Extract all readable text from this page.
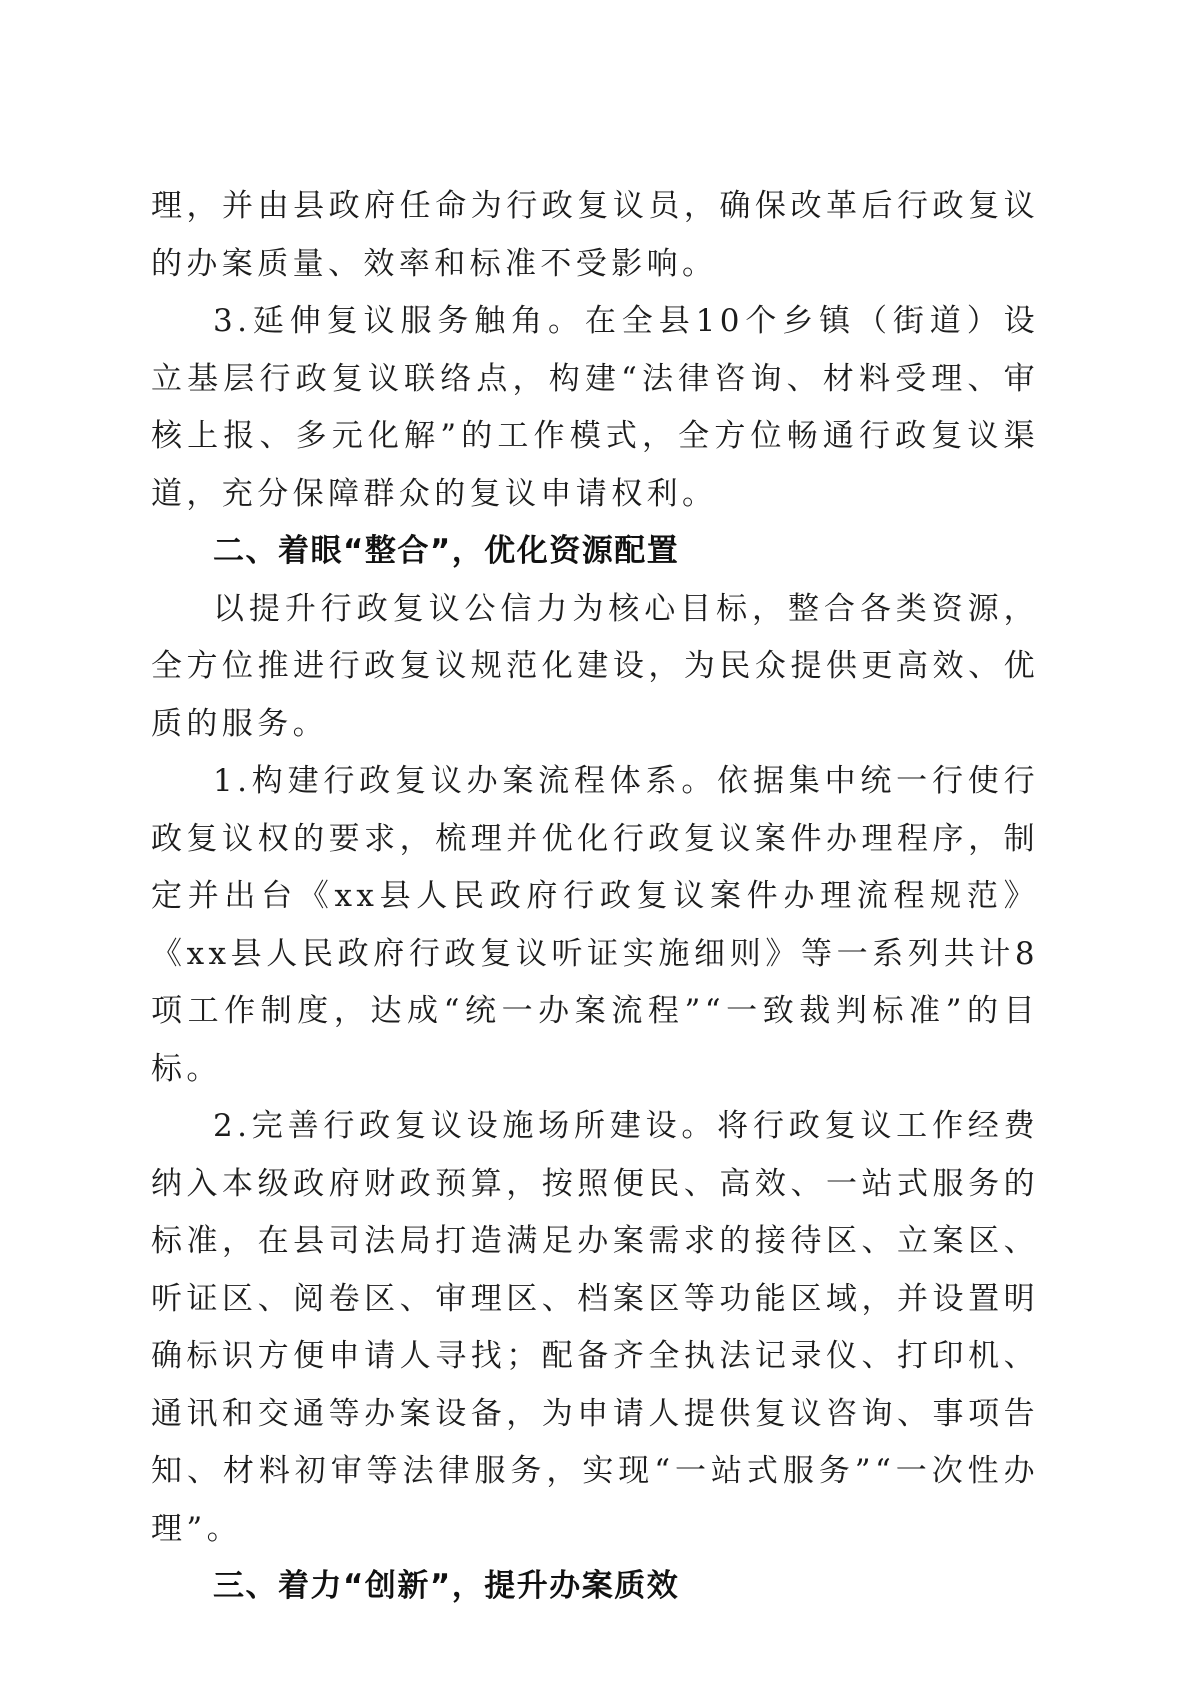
理，并由县政府任命为行政复议员，确保改革后行政复议的办案质量、效率和标准不受影响。

3.延伸复议服务触角。在全县10个乡镇（街道）设立基层行政复议联络点，构建“法律咨询、材料受理、审核上报、多元化解”的工作模式，全方位畅通行政复议渠道，充分保障群众的复议申请权利。

二、着眼“整合”，优化资源配置

以提升行政复议公信力为核心目标，整合各类资源，全方位推进行政复议规范化建设，为民众提供更高效、优质的服务。

1.构建行政复议办案流程体系。依据集中统一行使行政复议权的要求，梳理并优化行政复议案件办理程序，制定并出台《xx县人民政府行政复议案件办理流程规范》《xx县人民政府行政复议听证实施细则》等一系列共计8项工作制度，达成“统一办案流程”“一致裁判标准”的目标。

2.完善行政复议设施场所建设。将行政复议工作经费纳入本级政府财政预算，按照便民、高效、一站式服务的标准，在县司法局打造满足办案需求的接待区、立案区、听证区、阅卷区、审理区、档案区等功能区域，并设置明确标识方便申请人寻找；配备齐全执法记录仪、打印机、通讯和交通等办案设备，为申请人提供复议咨询、事项告知、材料初审等法律服务，实现“一站式服务”“一次性办理”。

三、着力“创新”，提升办案质效
